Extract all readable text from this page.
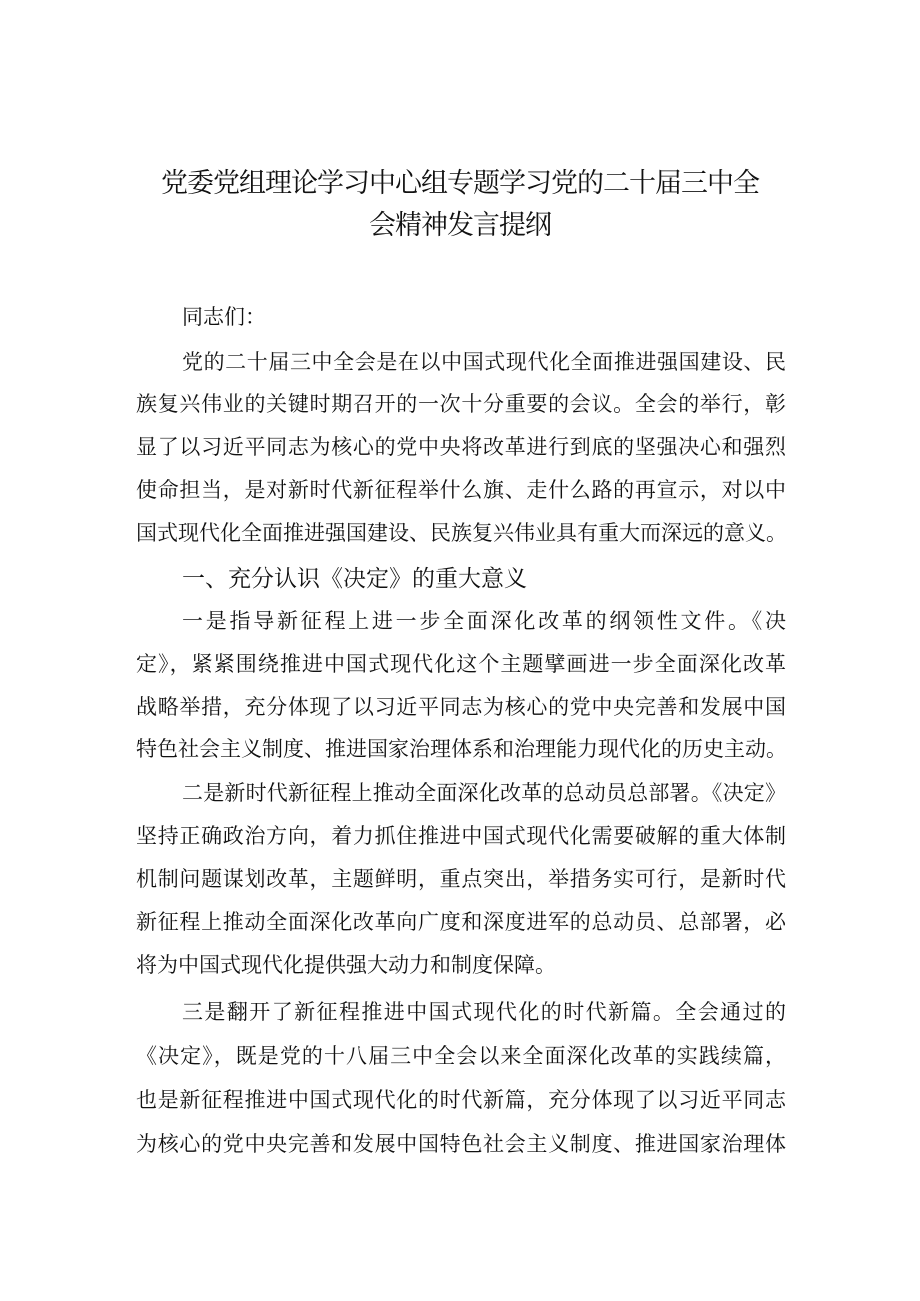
党委党组理论学习中心组专题学习党的二十届三中全
会精神发言提纲
同志们：
党的二十届三中全会是在以中国式现代化全面推进强国建设、民
族复兴伟业的关键时期召开的一次十分重要的会议。全会的举行，彰
显了以习近平同志为核心的党中央将改革进行到底的坚强决心和强烈
使命担当，是对新时代新征程举什么旗、走什么路的再宣示，对以中
国式现代化全面推进强国建设、民族复兴伟业具有重大而深远的意义。
一、充分认识《决定》的重大意义
一是指导新征程上进一步全面深化改革的纲领性文件。《决
定》，紧紧围绕推进中国式现代化这个主题擘画进一步全面深化改革
战略举措，充分体现了以习近平同志为核心的党中央完善和发展中国
特色社会主义制度、推进国家治理体系和治理能力现代化的历史主动。
二是新时代新征程上推动全面深化改革的总动员总部署。《决定》
坚持正确政治方向，着力抓住推进中国式现代化需要破解的重大体制
机制问题谋划改革，主题鲜明，重点突出，举措务实可行，是新时代
新征程上推动全面深化改革向广度和深度进军的总动员、总部署，必
将为中国式现代化提供强大动力和制度保障。
三是翻开了新征程推进中国式现代化的时代新篇。全会通过的
《决定》，既是党的十八届三中全会以来全面深化改革的实践续篇，
也是新征程推进中国式现代化的时代新篇，充分体现了以习近平同志
为核心的党中央完善和发展中国特色社会主义制度、推进国家治理体
